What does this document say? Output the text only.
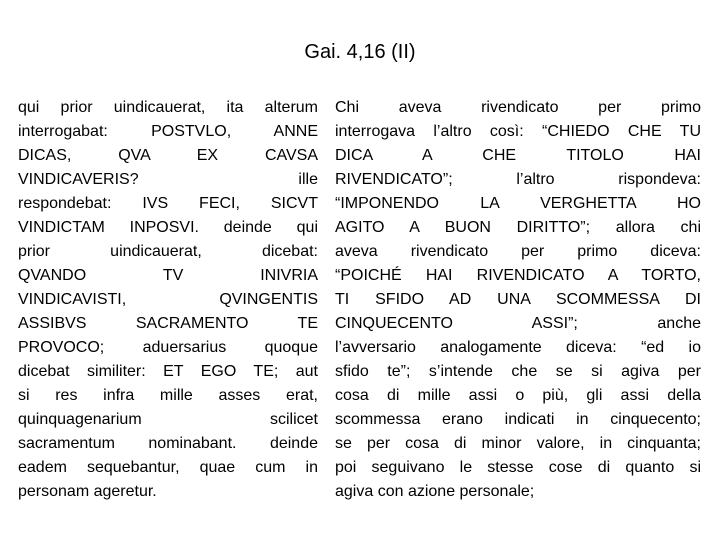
Gai. 4,16 (II)
qui prior uindicauerat, ita alterum
interrogabat: POSTVLO, ANNE
DICAS, QVA EX CAVSA
VINDICAVERIS? ille
respondebat: IVS FECI, SICVT
VINDICTAM INPOSVI. deinde qui
prior uindicauerat, dicebat:
QVANDO TV INIVRIA
VINDICAVISTI, QVINGENTIS
ASSIBVS SACRAMENTO TE
PROVOCO; aduersarius quoque
dicebat similiter: ET EGO TE; aut
si res infra mille asses erat,
quinquagenarium scilicet
sacramentum nominabant. deinde
eadem sequebantur, quae cum in
personam ageretur.
Chi aveva rivendicato per primo
interrogava l’altro così: “CHIEDO CHE TU
DICA A CHE TITOLO HAI
RIVENDICATO”; l’altro rispondeva:
“IMPONENDO LA VERGHETTA HO
AGITO A BUON DIRITTO”; allora chi
aveva rivendicato per primo diceva:
“POICHÉ HAI RIVENDICATO A TORTO,
TI SFIDO AD UNA SCOMMESSA DI
CINQUECENTO ASSI”; anche
l’avversario analogamente diceva: “ed io
sfido te”; s’intende che se si agiva per
cosa di mille assi o più, gli assi della
scommessa erano indicati in cinquecento;
se per cosa di minor valore, in cinquanta;
poi seguivano le stesse cose di quanto si
agiva con azione personale;
